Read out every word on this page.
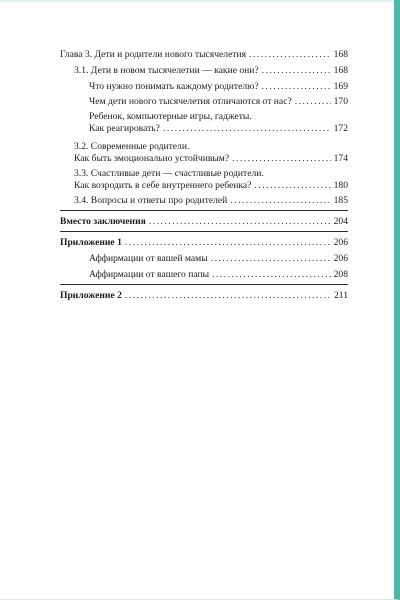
Глава 3. Дети и родители нового тысячелетия .....	168
3.1. Дети в новом тысячелетии — какие они? .....	168
Что нужно понимать каждому родителю? .....	169
Чем дети нового тысячелетия отличаются от нас? .....	170
Ребенок, компьютерные игры, гаджеты.
Как реагировать? .....	172
3.2. Современные родители.
Как быть эмоционально устойчивым? .....	174
3.3. Счастливые дети — счастливые родители.
Как возродить в себе внутреннего ребенка? .....	180
3.4. Вопросы и ответы про родителей .....	185
Вместо заключения .....	204
Приложение 1 .....	206
Аффирмации от вашей мамы .....	206
Аффирмации от вашего папы .....	208
Приложение 2 .....	211
